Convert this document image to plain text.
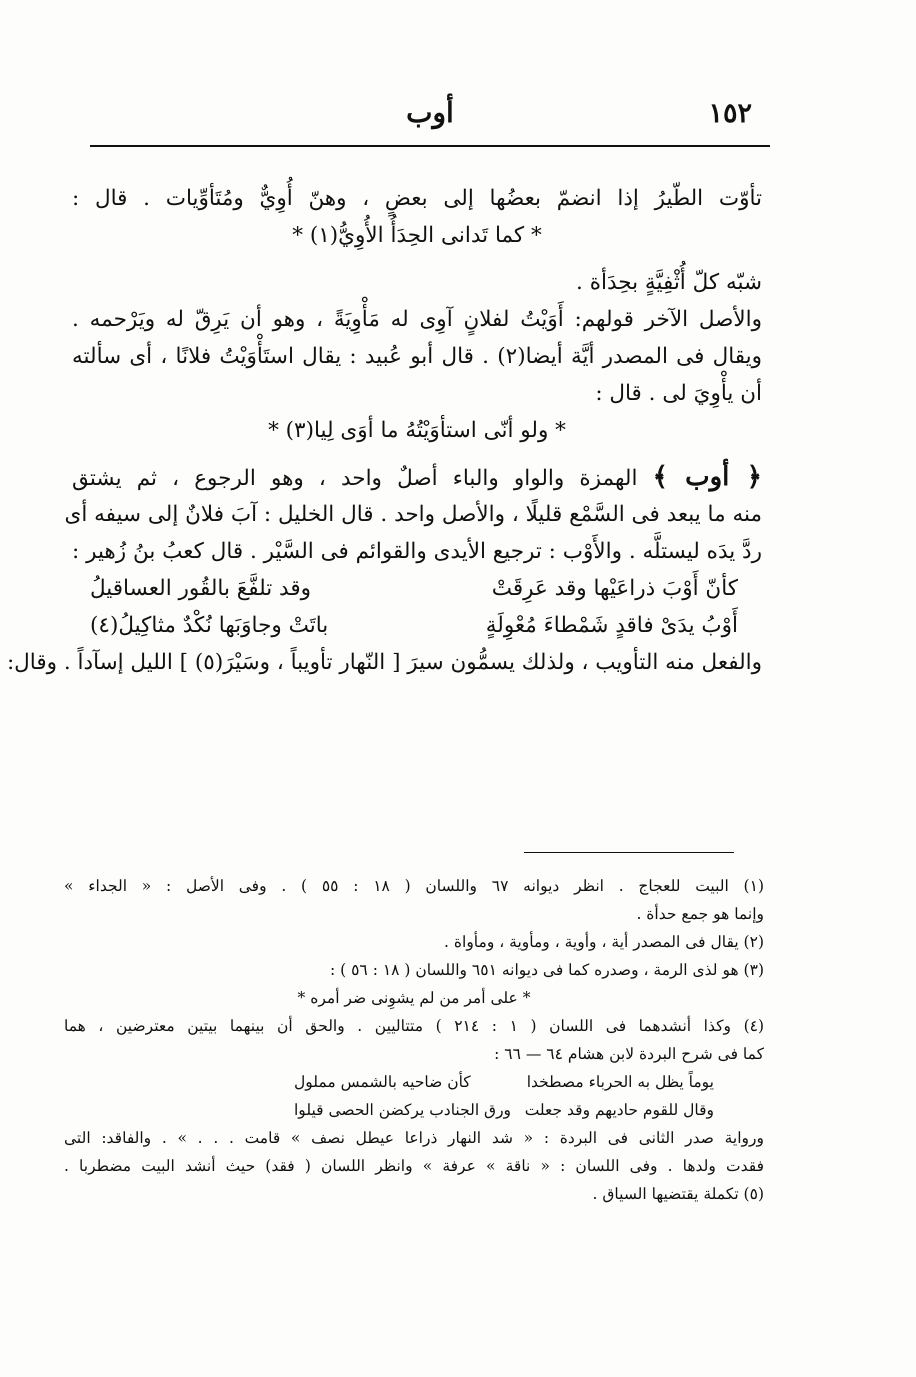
١٥٢
أوب
تأوّت الطّيرُ إذا انضمّ بعضُها إلى بعضٍ ، وهنّ أُوِيٌّ ومُتَأوِّيات . قال :
* كما تَدانى الحِدَأُ الأُوِيُّ(١) *
شبّه كلّ أُثْفِيَّةٍ بحِدَأة .
والأصل الآخر قولهم: أَوَيْتُ لفلانٍ آوِى له مَأْوِيَةً ، وهو أن يَرِقّ له ويَرْحمه .
ويقال فى المصدر أيَّة أيضا(٢) . قال أبو عُبيد : يقال استَأْوَيْتُ فلانًا ، أى سألته
أن يأْوِيَ لى . قال :
* ولو أنّى استأوَيْتُهُ ما أوَى لِيا(٣) *
﴿ أوب ﴾ الهمزة والواو والباء أصلٌ واحد ، وهو الرجوع ، ثم يشتق
منه ما يبعد فى السَّمْع قليلًا ، والأصل واحد . قال الخليل : آبَ فلانٌ إلى سيفه أى
ردَّ يدَه ليستلَّه . والأَوْب : ترجيع الأيدى والقوائم فى السَّيْر . قال كعبُ بنُ زُهير :
كأنّ أَوْبَ ذراعَيْها وقد عَرِقَتْ
وقد تلفَّعَ بالقُور العساقيلُ
أَوْبُ يدَىْ فاقدٍ شَمْطاءَ مُعْوِلَةٍ
باتَتْ وجاوَبَها نُكْدٌ مثاكِيلُ(٤)
والفعل منه التأويب ، ولذلك يسمُّون سيرَ [ النّهار تأويباً ، وسَيْرَ(٥) ] الليل إسآداً . وقال:
(١) البيت للعجاج . انظر ديوانه ٦٧ واللسان ( ١٨ : ٥٥ ) . وفى الأصل : « الجداء »
وإنما هو جمع حدأة .
(٢) يقال فى المصدر أية ، وأوية ، ومأوية ، ومأواة .
(٣) هو لذى الرمة ، وصدره كما فى ديوانه ٦٥١ واللسان ( ١٨ : ٥٦ ) :
* على أمر من لم يشوِنى ضر أمره *
(٤) وكذا أنشدهما فى اللسان ( ١ : ٢١٤ ) متتاليين . والحق أن بينهما بيتين معترضين ، هما
كما فى شرح البردة لابن هشام ٦٤ — ٦٦ :
يوماً يظل به الحرباء مصطخدا
كأن ضاحيه بالشمس مملول
وقال للقوم حاديهم وقد جعلت
ورق الجنادب يركضن الحصى قيلوا
ورواية صدر الثانى فى البردة : « شد النهار ذراعا عيطل نصف » قامت . . . » . والفاقد: التى
فقدت ولدها . وفى اللسان : « ناقة » عرفة » وانظر اللسان ( فقد) حيث أنشد البيت مضطربا .
(٥) تكملة يقتضيها السياق .
